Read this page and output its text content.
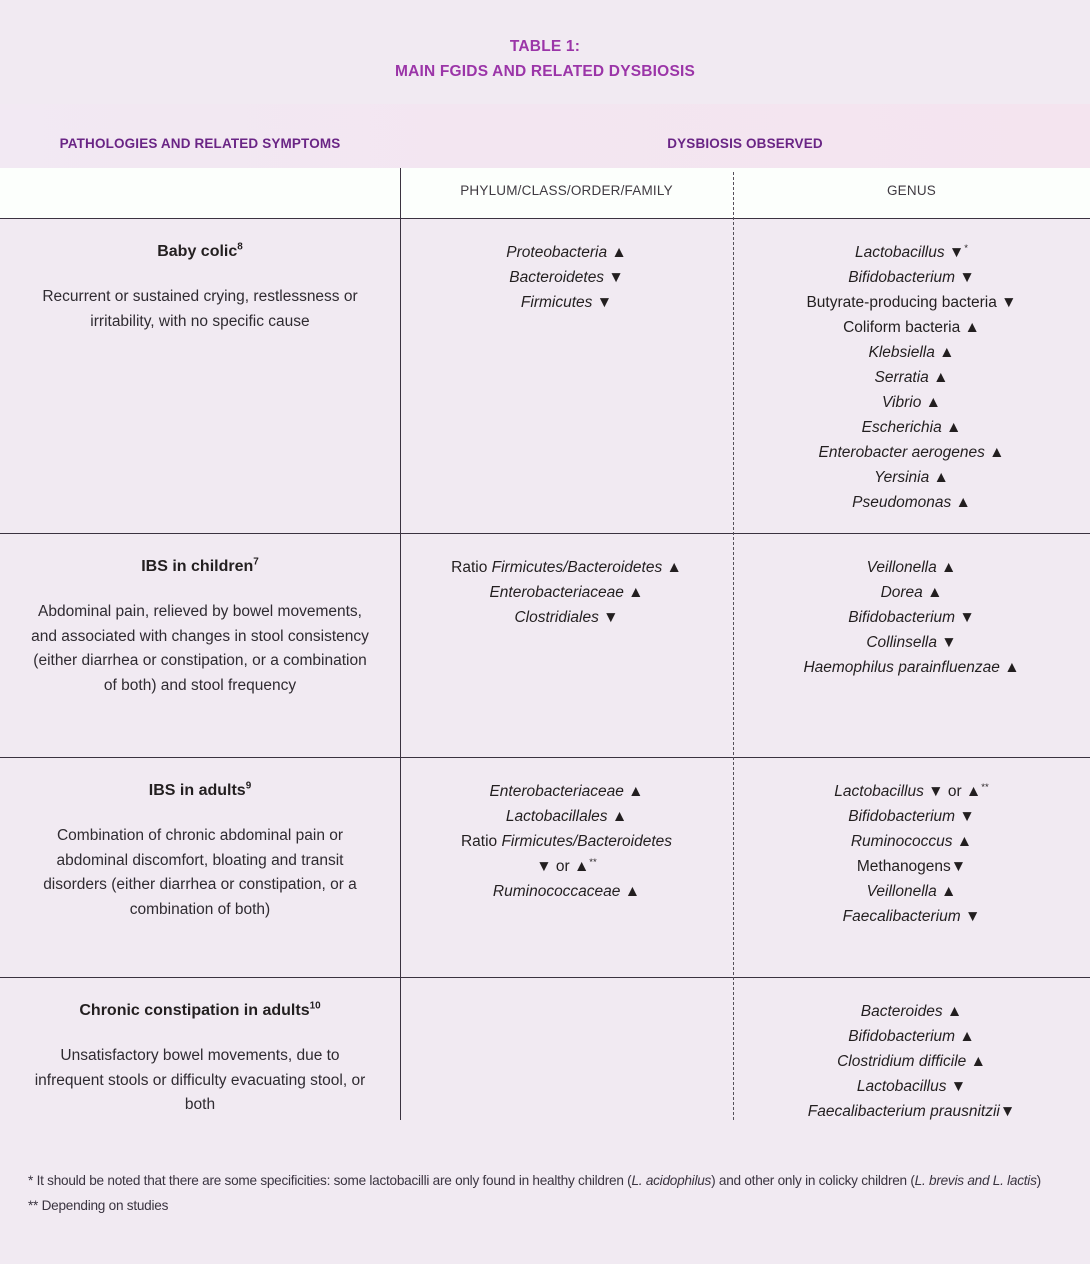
TABLE 1:
MAIN FGIDS AND RELATED DYSBIOSIS
PATHOLOGIES AND RELATED SYMPTOMS	DYSBIOSIS OBSERVED
PHYLUM/CLASS/ORDER/FAMILY	GENUS
Baby colic$^8$
Recurrent or sustained crying, restlessness or irritability, with no specific cause
Proteobacteria ▲
Bacteroidetes ▼
Firmicutes ▼
Lactobacillus ▼*
Bifidobacterium ▼
Butyrate-producing bacteria ▼
Coliform bacteria ▲
Klebsiella ▲
Serratia ▲
Vibrio ▲
Escherichia ▲
Enterobacter aerogenes ▲
Yersinia ▲
Pseudomonas ▲
IBS in children$^7$
Abdominal pain, relieved by bowel movements, and associated with changes in stool consistency (either diarrhea or constipation, or a combination of both) and stool frequency
Ratio Firmicutes/Bacteroidetes ▲
Enterobacteriaceae ▲
Clostridiales ▼
Veillonella ▲
Dorea ▲
Bifidobacterium ▼
Collinsella ▼
Haemophilus parainfluenzae ▲
IBS in adults$^9$
Combination of chronic abdominal pain or abdominal discomfort, bloating and transit disorders (either diarrhea or constipation, or a combination of both)
Enterobacteriaceae ▲
Lactobacillales ▲
Ratio Firmicutes/Bacteroidetes
▼ or ▲**
Ruminococcaceae ▲
Lactobacillus ▼ or ▲**
Bifidobacterium ▼
Ruminococcus ▲
Methanogens▼
Veillonella ▲
Faecalibacterium ▼
Chronic constipation in adults$^{10}$
Unsatisfactory bowel movements, due to infrequent stools or difficulty evacuating stool, or both
Bacteroides ▲
Bifidobacterium ▲
Clostridium difficile ▲
Lactobacillus ▼
Faecalibacterium prausnitzii▼

* It should be noted that there are some specificities: some lactobacilli are only found in healthy children (L. acidophilus) and other only in colicky children (L. brevis and L. lactis)

** Depending on studies
